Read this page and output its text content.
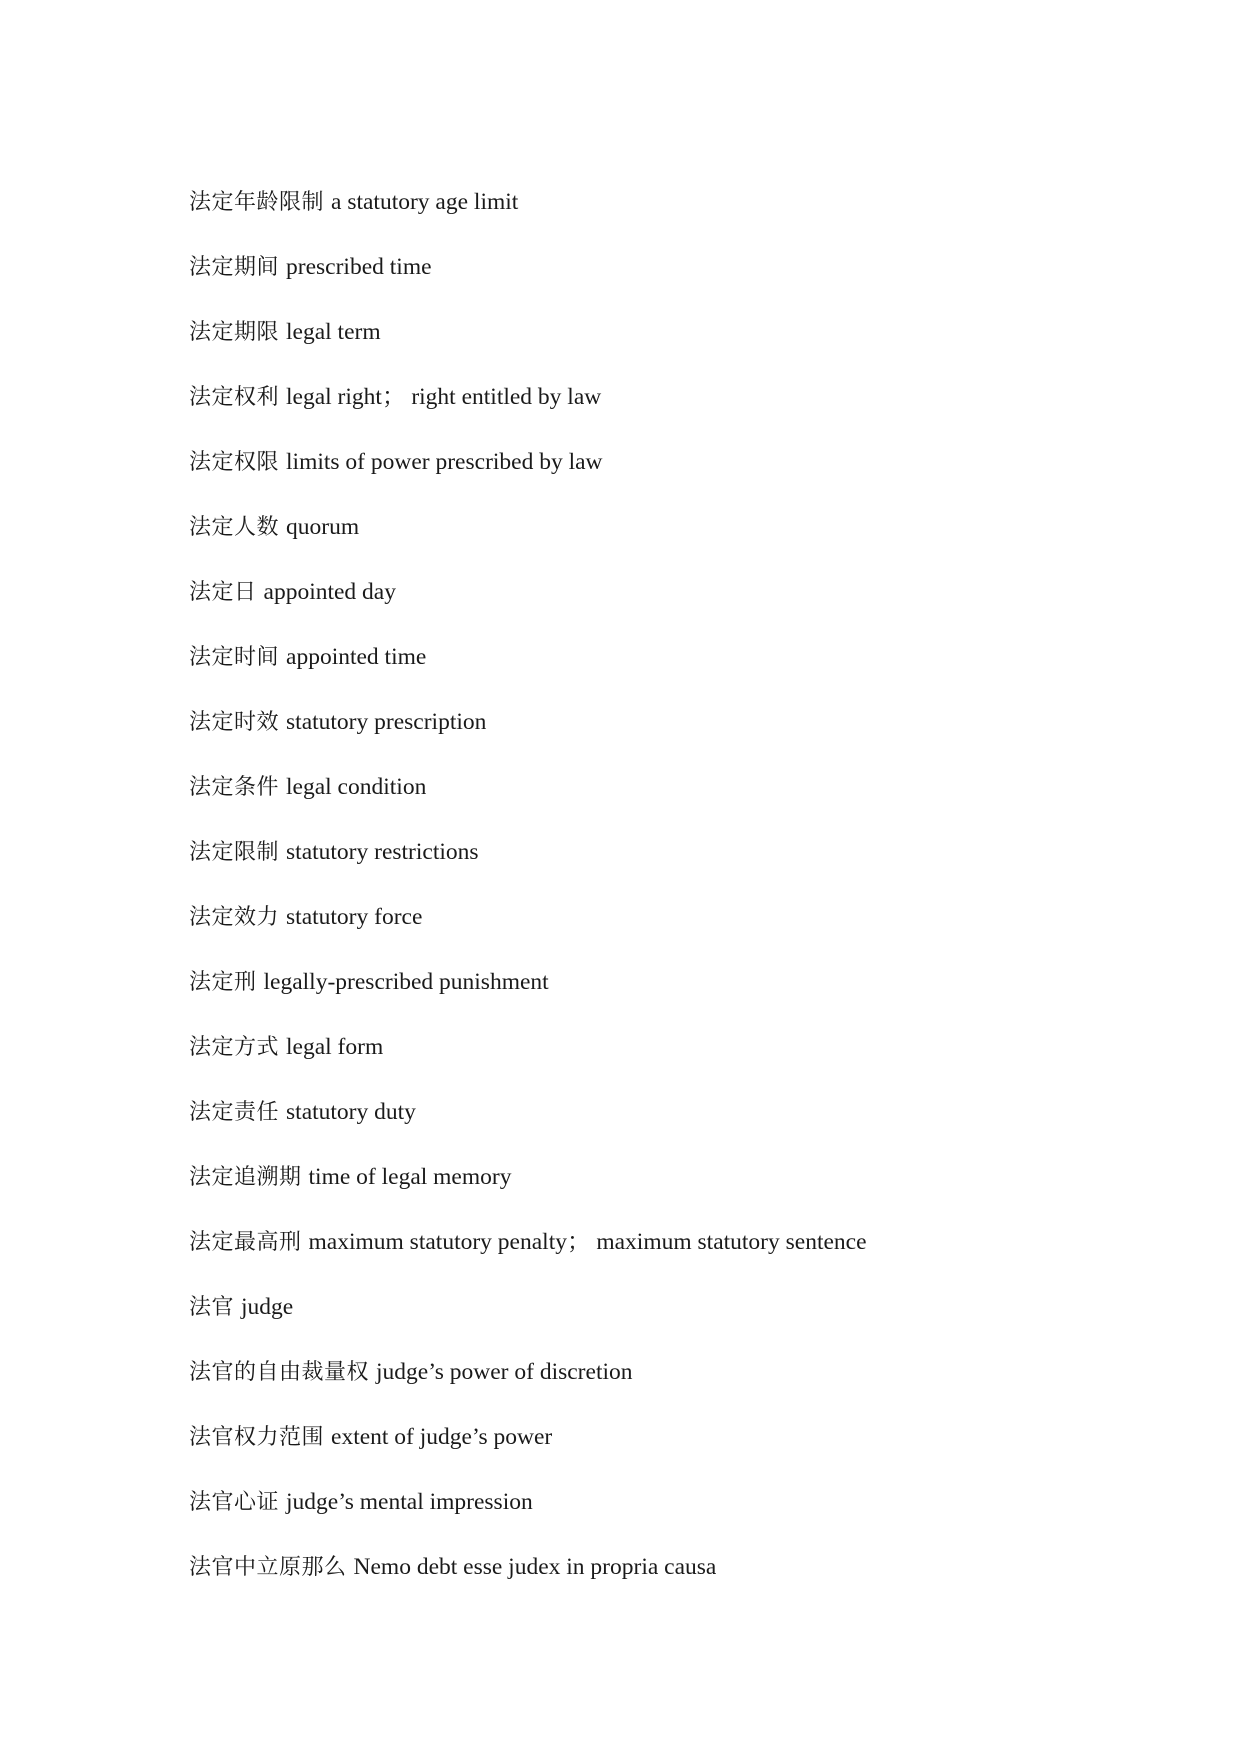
法定年龄限制 a statutory age limit
法定期间 prescribed time
法定期限 legal term
法定权利 legal right； right entitled by law
法定权限 limits of power prescribed by law
法定人数 quorum
法定日 appointed day
法定时间 appointed time
法定时效 statutory prescription
法定条件 legal condition
法定限制 statutory restrictions
法定效力 statutory force
法定刑 legally-prescribed punishment
法定方式 legal form
法定责任 statutory duty
法定追溯期 time of legal memory
法定最高刑 maximum statutory penalty； maximum statutory sentence
法官 judge
法官的自由裁量权 judge’s power of discretion
法官权力范围 extent of judge’s power
法官心证 judge’s mental impression
法官中立原那么 Nemo debt esse judex in propria causa
